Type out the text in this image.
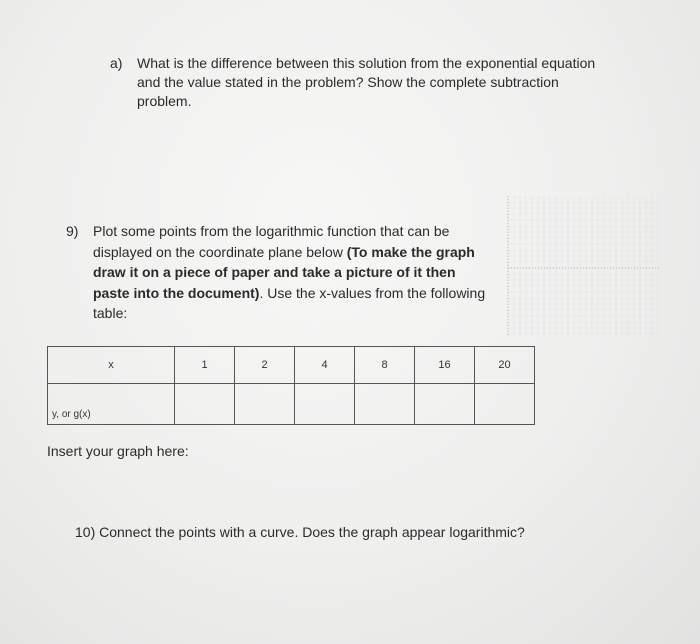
a) What is the difference between this solution from the exponential equation
and the value stated in the problem? Show the complete subtraction
problem.
9) Plot some points from the logarithmic function that can be displayed on the coordinate plane below (To make the graph draw it on a piece of paper and take a picture of it then paste into the document). Use the x-values from the following table:
x	1	2	4	8	16	20
y, or g(x)						
Insert your graph here:
10) Connect the points with a curve. Does the graph appear logarithmic?
